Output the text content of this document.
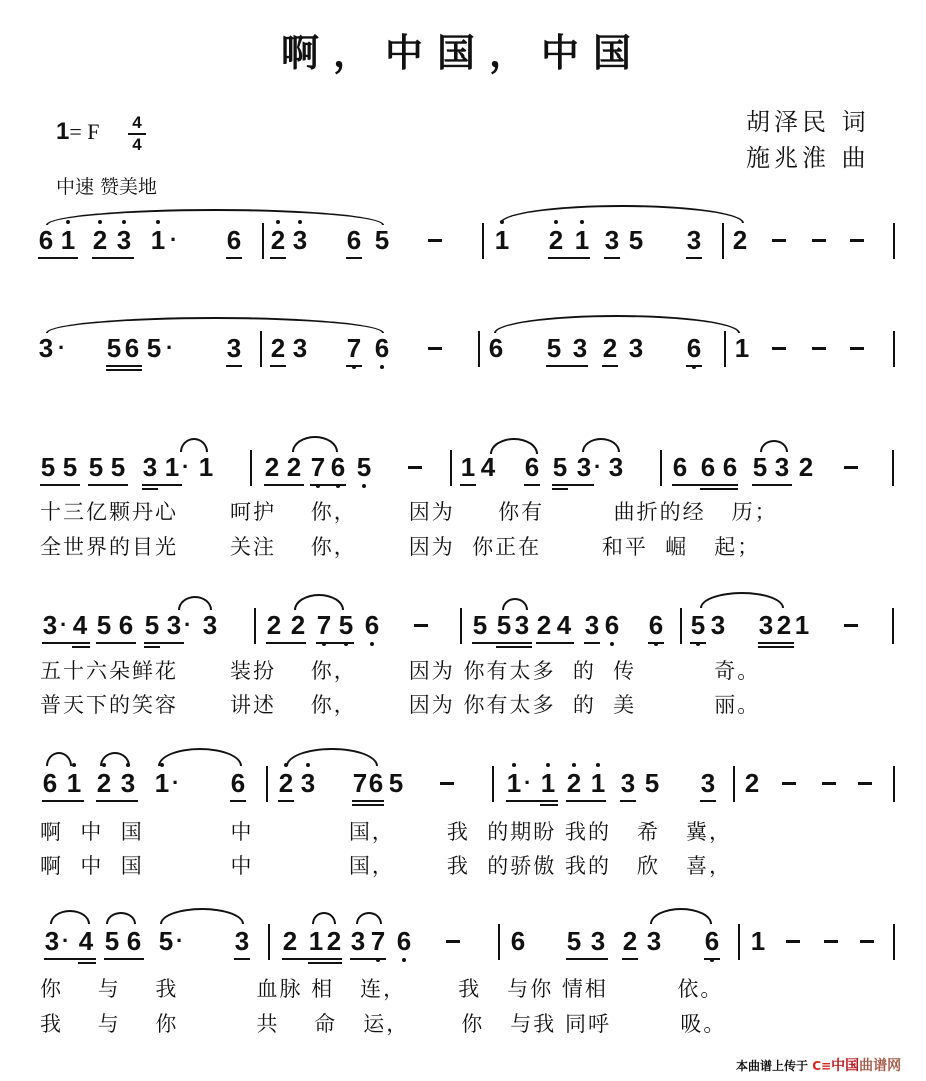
啊，中国，中国
1= F 4
4
中速 赞美地
胡泽民 词
施兆淮 曲
6 1 2 3 1 · 6 2 3 6 5	1 2 1 3 5 3 2
3 · 5 6 5 · 3 2 3 7 6	6 5 3 2 3 6 1
5 5 5 5 3 1 · 1 2 2 7 6 5	1 4 6 5 3 · 3 6 6 6 5 3 2
十三亿颗丹心      呵护    你，      因为     你有        曲折的经   历；
全世界的目光      关注    你，      因为  你正在       和平  崛   起；
3 · 4 5 6 5 3 · 3 2 2 7 5 6	5 5 3 2 4 3 6 6 5 3 3 2 1
五十六朵鲜花      装扮    你，      因为 你有太多  的  传         奇。
普天下的笑容      讲述    你，      因为 你有太多  的  美         丽。
6 1 2 3 1 · 6 2 3 7 6 5	1 · 1 2 1 3 5 3 2
啊  中  国          中           国，      我  的期盼 我的   希   冀，
啊  中  国          中           国，      我  的骄傲 我的   欣   喜，
3 · 4 5 6 5 · 3 2 1 2 3 7 6	6 5 3 2 3 6 1
你    与    我         血脉 相   连，      我   与你 情相        依。
我    与    你         共    命   运，      你   与我 同呼        吸。
本曲谱上传于 C≡中国曲谱网
